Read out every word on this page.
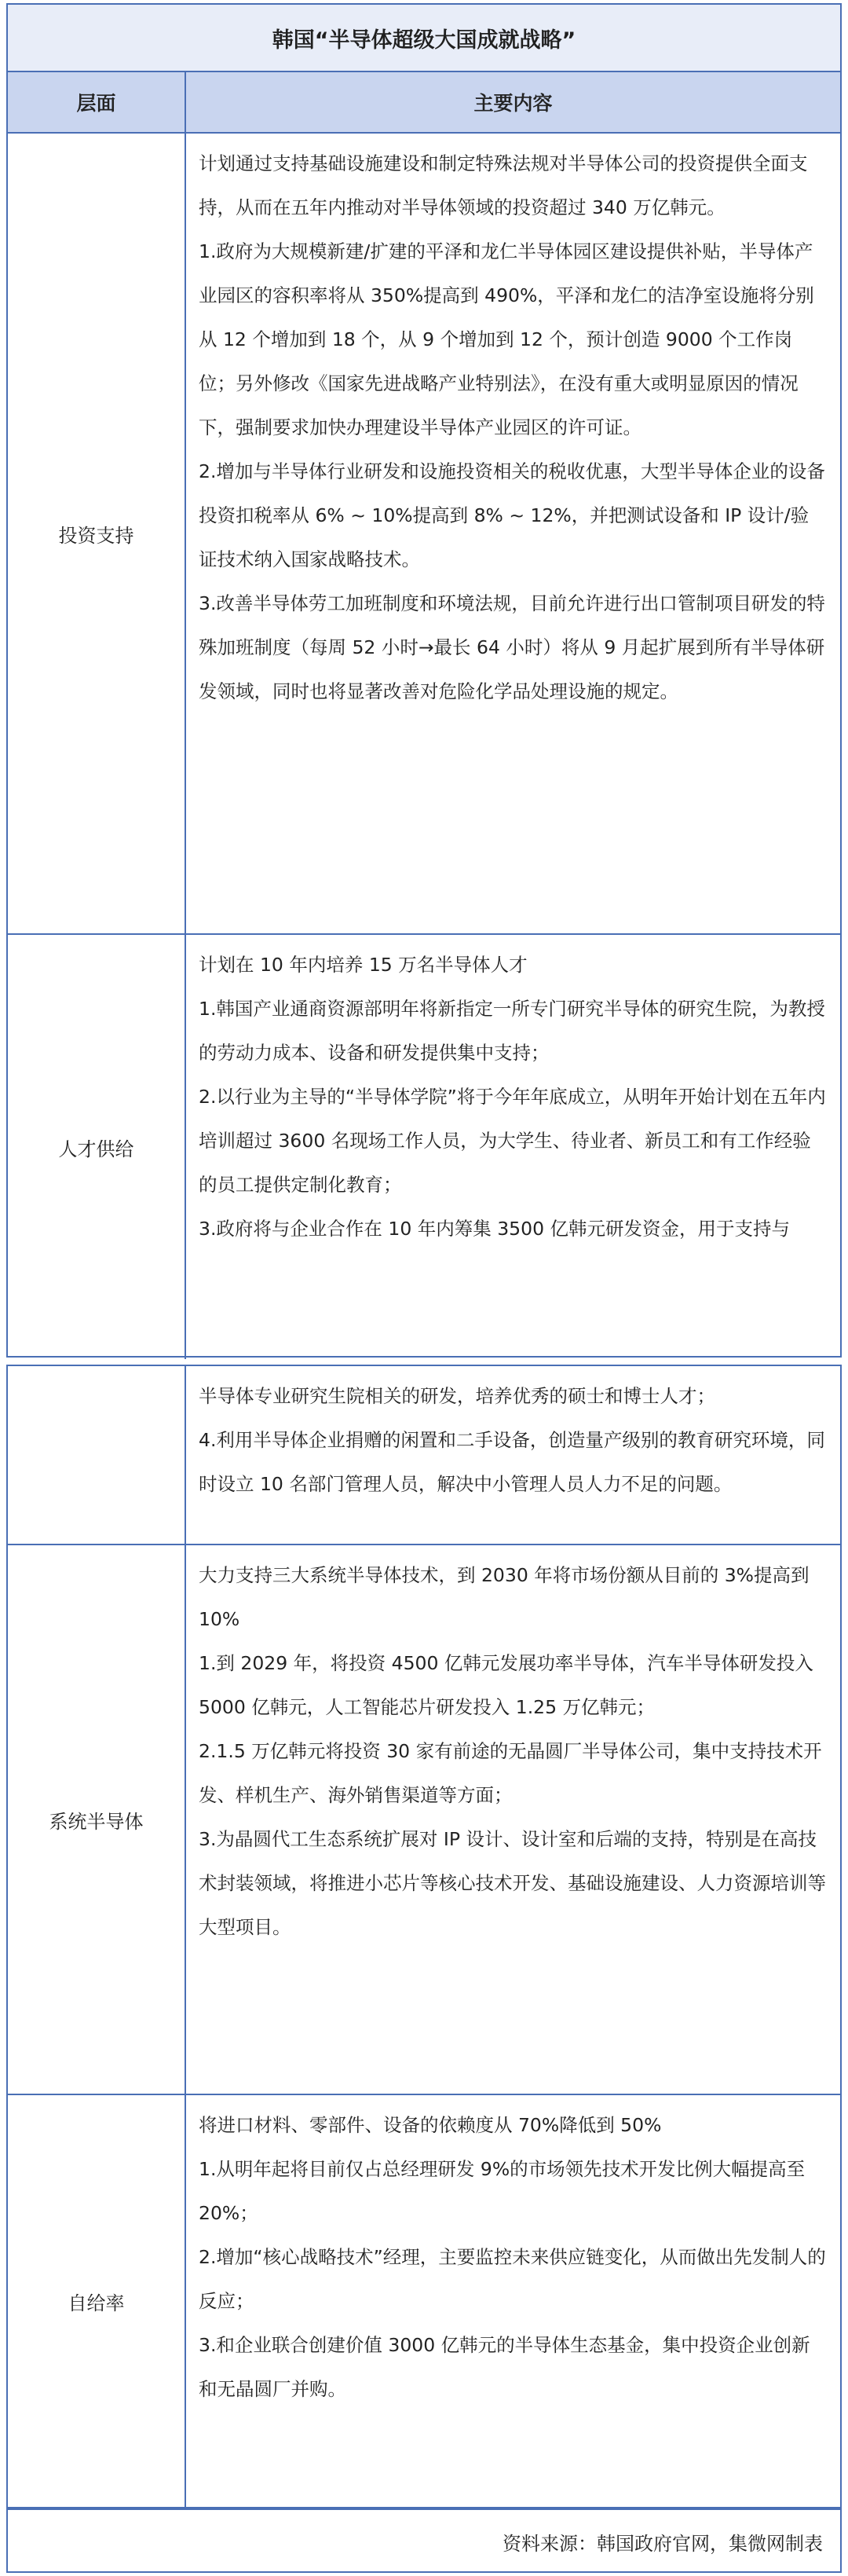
韩国“半导体超级大国成就战略”
层面	主要内容
投资支持

计划通过支持基础设施建设和制定特殊法规对半导体公司的投资提供全面支持，从而在五年内推动对半导体领域的投资超过 340 万亿韩元。

1.政府为大规模新建/扩建的平泽和龙仁半导体园区建设提供补贴，半导体产业园区的容积率将从 350%提高到 490%，平泽和龙仁的洁净室设施将分别从 12 个增加到 18 个，从 9 个增加到 12 个，预计创造 9000 个工作岗位；另外修改《国家先进战略产业特别法》，在没有重大或明显原因的情况下，强制要求加快办理建设半导体产业园区的许可证。

2.增加与半导体行业研发和设施投资相关的税收优惠，大型半导体企业的设备投资扣税率从 6% ~ 10%提高到 8% ~ 12%，并把测试设备和 IP 设计/验证技术纳入国家战略技术。

3.改善半导体劳工加班制度和环境法规，目前允许进行出口管制项目研发的特殊加班制度（每周 52 小时→最长 64 小时）将从 9 月起扩展到所有半导体研发领域，同时也将显著改善对危险化学品处理设施的规定。

人才供给

计划在 10 年内培养 15 万名半导体人才

1.韩国产业通商资源部明年将新指定一所专门研究半导体的研究生院，为教授的劳动力成本、设备和研发提供集中支持；

2.以行业为主导的“半导体学院”将于今年年底成立，从明年开始计划在五年内培训超过 3600 名现场工作人员，为大学生、待业者、新员工和有工作经验的员工提供定制化教育；

3.政府将与企业合作在 10 年内筹集 3500 亿韩元研发资金，用于支持与

半导体专业研究生院相关的研发，培养优秀的硕士和博士人才；

4.利用半导体企业捐赠的闲置和二手设备，创造量产级别的教育研究环境，同时设立 10 名部门管理人员，解决中小管理人员人力不足的问题。

系统半导体

大力支持三大系统半导体技术，到 2030 年将市场份额从目前的 3%提高到 10%

1.到 2029 年，将投资 4500 亿韩元发展功率半导体，汽车半导体研发投入 5000 亿韩元，人工智能芯片研发投入 1.25 万亿韩元；

2.1.5 万亿韩元将投资 30 家有前途的无晶圆厂半导体公司，集中支持技术开发、样机生产、海外销售渠道等方面；

3.为晶圆代工生态系统扩展对 IP 设计、设计室和后端的支持，特别是在高技术封装领域，将推进小芯片等核心技术开发、基础设施建设、人力资源培训等大型项目。

自给率

将进口材料、零部件、设备的依赖度从 70%降低到 50%

1.从明年起将目前仅占总经理研发 9%的市场领先技术开发比例大幅提高至 20%；

2.增加“核心战略技术”经理，主要监控未来供应链变化，从而做出先发制人的反应；

3.和企业联合创建价值 3000 亿韩元的半导体生态基金，集中投资企业创新和无晶圆厂并购。

资料来源：韩国政府官网，集微网制表
